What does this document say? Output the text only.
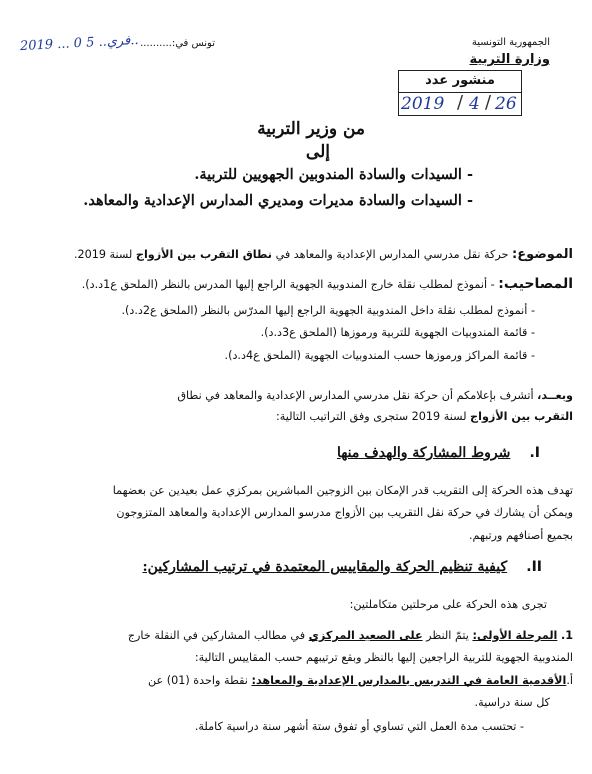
تونس في:..........
2019 ... 0 5 ..فري..	الجمهورية التونسية
وزارة التربية
منشور عدد
2019 / 4 / 26
من وزير التربية
إلى
- السيدات والسادة المندوبين الجهويين للتربية.
- السيدات والسادة مديرات ومديري المدارس الإعدادية والمعاهد.
الموضوع: حركة نقل مدرسي المدارس الإعدادية والمعاهد في نطاق التقرب بين الأزواج لسنة 2019.
المصاحيب: - أنموذج لمطلب نقلة خارج المندوبية الجهوية الراجع إليها المدرس بالنظر (الملحق ع1د.د).
- أنموذج لمطلب نقلة داخل المندوبية الجهوية الراجع إليها المدرّس بالنظر (الملحق ع2د.د).
- قائمة المندوبيات الجهوية للتربية ورموزها (الملحق ع3د.د).
- قائمة المراكز ورموزها حسب المندوبيات الجهوية (الملحق ع4د.د).
وبعــد، أتشرف بإعلامكم أن حركة نقل مدرسي المدارس الإعدادية والمعاهد في نطاق
التقرب بين الأزواج لسنة 2019 ستجرى وفق التراتيب التالية:
I. شروط المشاركة والهدف منها
تهدف هذه الحركة إلى التقريب قدر الإمكان بين الزوجين المباشرين بمركزي عمل بعيدين عن بعضهما
ويمكن أن يشارك في حركة نقل التقريب بين الأزواج مدرسو المدارس الإعدادية والمعاهد المتزوجون
بجميع أصنافهم ورتبهم.
II. كيفية تنظيم الحركة والمقاييس المعتمدة في ترتيب المشاركين:
تجرى هذه الحركة على مرحلتين متكاملتين:
1. المرحلة الأولى: يتمّ النظر على الصعيد المركزي في مطالب المشاركين في النقلة خارج
المندوبية الجهوية للتربية الراجعين إليها بالنظر وبقع ترتيبهم حسب المقاييس التالية:
أ.الأقدمية العامة في التدريس بالمدارس الإعدادية والمعاهد: نقطة واحدة (01) عن
كل سنة دراسية.
- تحتسب مدة العمل التي تساوي أو تفوق ستة أشهر سنة دراسية كاملة.
